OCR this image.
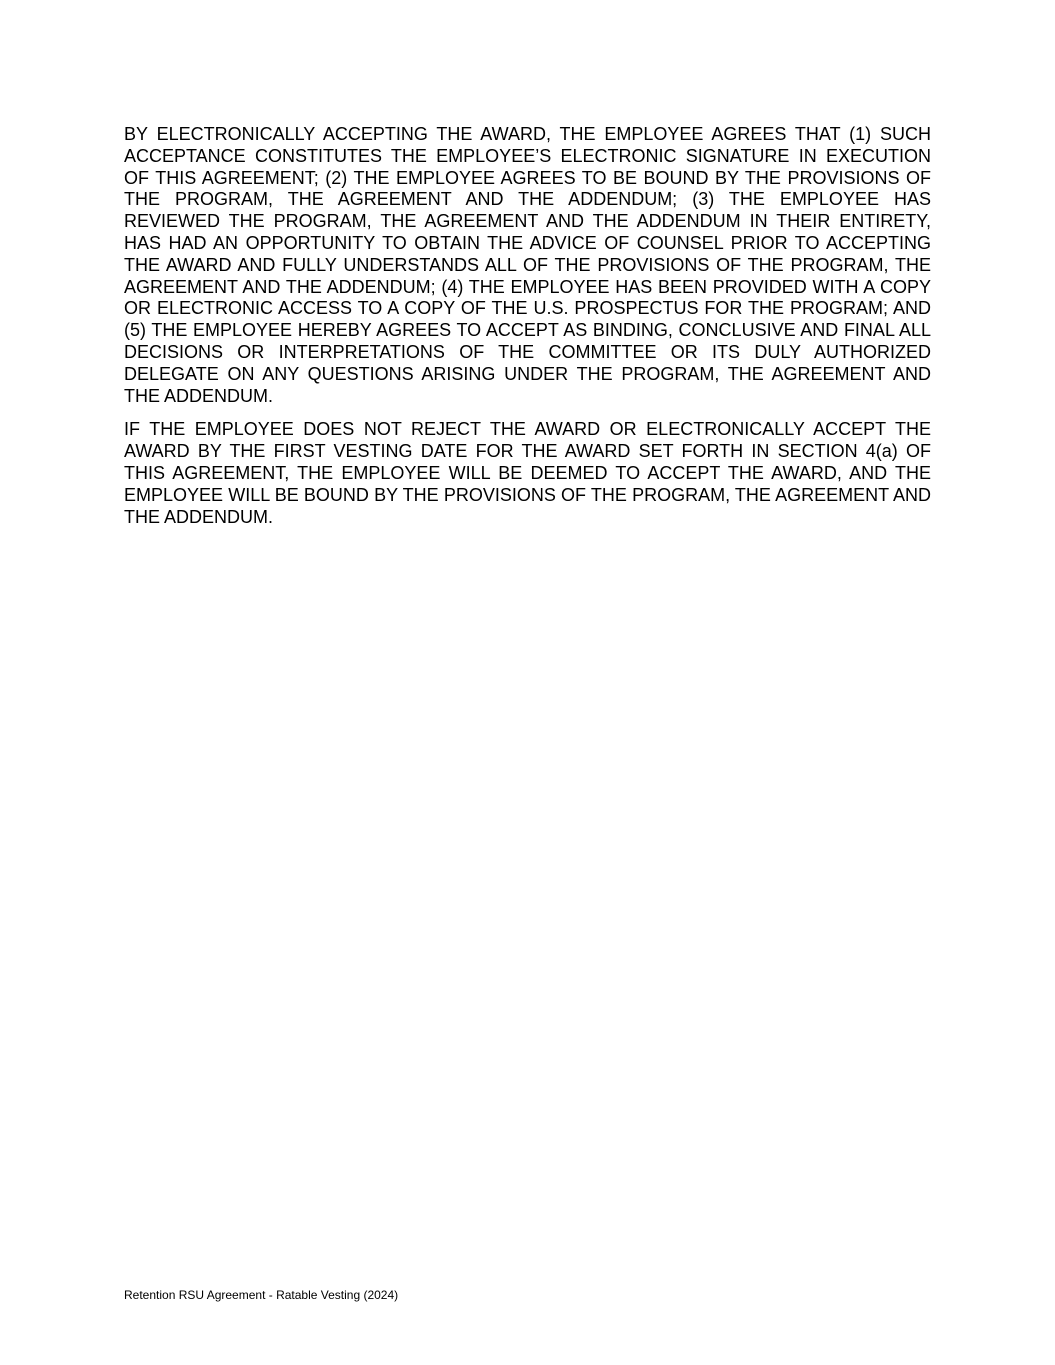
BY ELECTRONICALLY ACCEPTING THE AWARD, THE EMPLOYEE AGREES THAT (1) SUCH ACCEPTANCE CONSTITUTES THE EMPLOYEE’S ELECTRONIC SIGNATURE IN EXECUTION OF THIS AGREEMENT; (2) THE EMPLOYEE AGREES TO BE BOUND BY THE PROVISIONS OF THE PROGRAM, THE AGREEMENT AND THE ADDENDUM; (3) THE EMPLOYEE HAS REVIEWED THE PROGRAM, THE AGREEMENT AND THE ADDENDUM IN THEIR ENTIRETY, HAS HAD AN OPPORTUNITY TO OBTAIN THE ADVICE OF COUNSEL PRIOR TO ACCEPTING THE AWARD AND FULLY UNDERSTANDS ALL OF THE PROVISIONS OF THE PROGRAM, THE AGREEMENT AND THE ADDENDUM; (4) THE EMPLOYEE HAS BEEN PROVIDED WITH A COPY OR ELECTRONIC ACCESS TO A COPY OF THE U.S. PROSPECTUS FOR THE PROGRAM; AND (5) THE EMPLOYEE HEREBY AGREES TO ACCEPT AS BINDING, CONCLUSIVE AND FINAL ALL DECISIONS OR INTERPRETATIONS OF THE COMMITTEE OR ITS DULY AUTHORIZED DELEGATE ON ANY QUESTIONS ARISING UNDER THE PROGRAM, THE AGREEMENT AND THE ADDENDUM.

IF THE EMPLOYEE DOES NOT REJECT THE AWARD OR ELECTRONICALLY ACCEPT THE AWARD BY THE FIRST VESTING DATE FOR THE AWARD SET FORTH IN SECTION 4(a) OF THIS AGREEMENT, THE EMPLOYEE WILL BE DEEMED TO ACCEPT THE AWARD, AND THE EMPLOYEE WILL BE BOUND BY THE PROVISIONS OF THE PROGRAM, THE AGREEMENT AND THE ADDENDUM.

Retention RSU Agreement - Ratable Vesting (2024)
